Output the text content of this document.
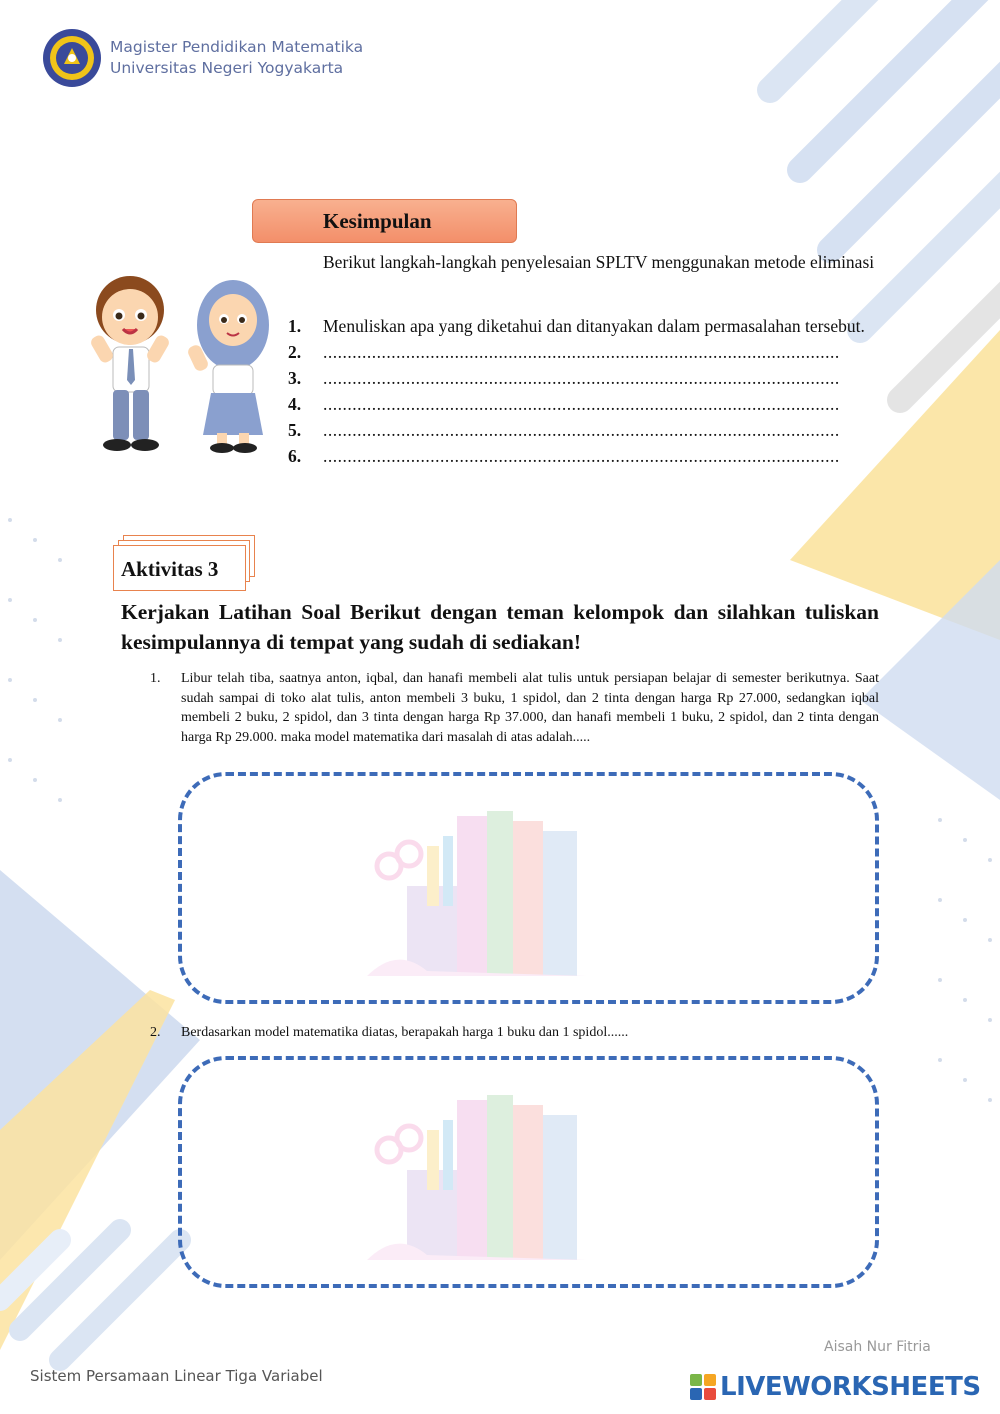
Magister Pendidikan Matematika
Universitas Negeri Yogyakarta
Kesimpulan
Berikut langkah-langkah penyelesaian SPLTV menggunakan metode eliminasi
1.	Menuliskan apa yang diketahui dan ditanyakan dalam permasalahan tersebut.
2.	..........................................................................................................
3.	..........................................................................................................
4.	..........................................................................................................
5.	..........................................................................................................
6.	..........................................................................................................
Aktivitas 3
Kerjakan Latihan Soal Berikut dengan teman kelompok dan silahkan tuliskan kesimpulannya di tempat yang sudah di sediakan!
1.	Libur telah tiba, saatnya anton, iqbal, dan hanafi membeli alat tulis untuk persiapan belajar di semester berikutnya. Saat sudah sampai di toko alat tulis, anton membeli 3 buku, 1 spidol, dan 2 tinta dengan harga Rp 27.000, sedangkan iqbal membeli 2 buku, 2 spidol, dan 3 tinta dengan harga Rp 37.000, dan hanafi membeli 1 buku, 2 spidol, dan 2 tinta dengan harga Rp 29.000. maka model matematika dari masalah di atas adalah.....
2.	Berdasarkan model matematika diatas, berapakah harga 1 buku dan 1 spidol......
Sistem Persamaan Linear Tiga Variabel
Aisah Nur Fitria
LIVEWORKSHEETS
